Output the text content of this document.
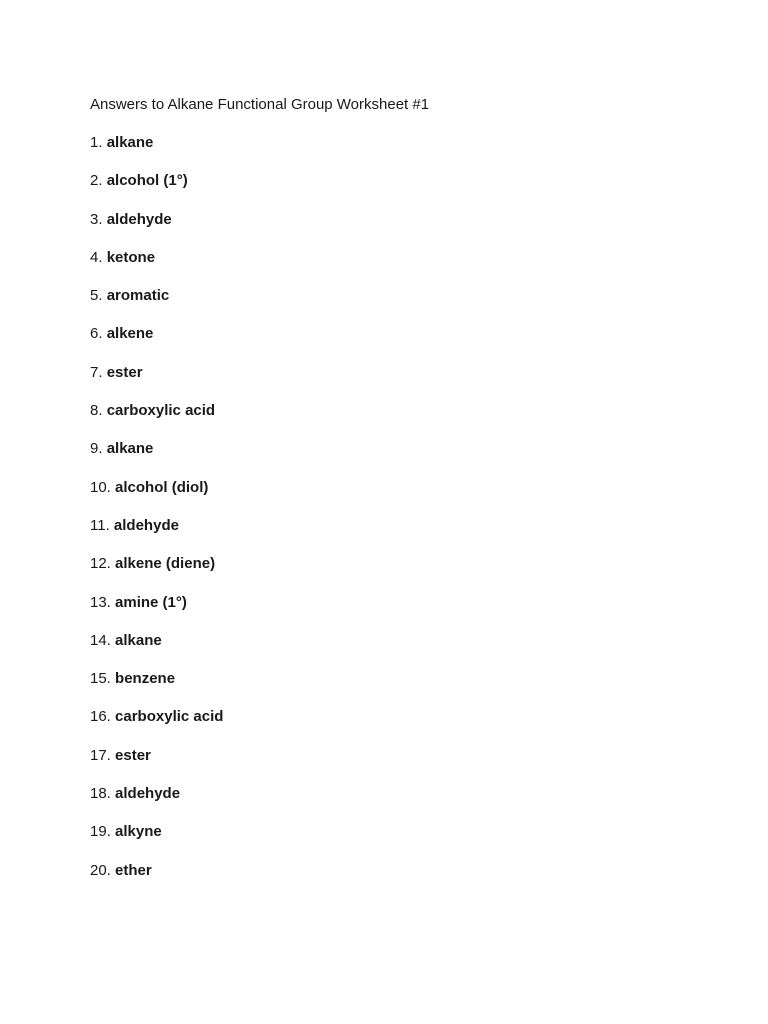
Answers to Alkane Functional Group Worksheet #1
1. alkane
2. alcohol (1°)
3. aldehyde
4. ketone
5. aromatic
6. alkene
7. ester
8. carboxylic acid
9. alkane
10. alcohol (diol)
11. aldehyde
12. alkene (diene)
13. amine (1°)
14. alkane
15. benzene
16. carboxylic acid
17. ester
18. aldehyde
19. alkyne
20. ether
